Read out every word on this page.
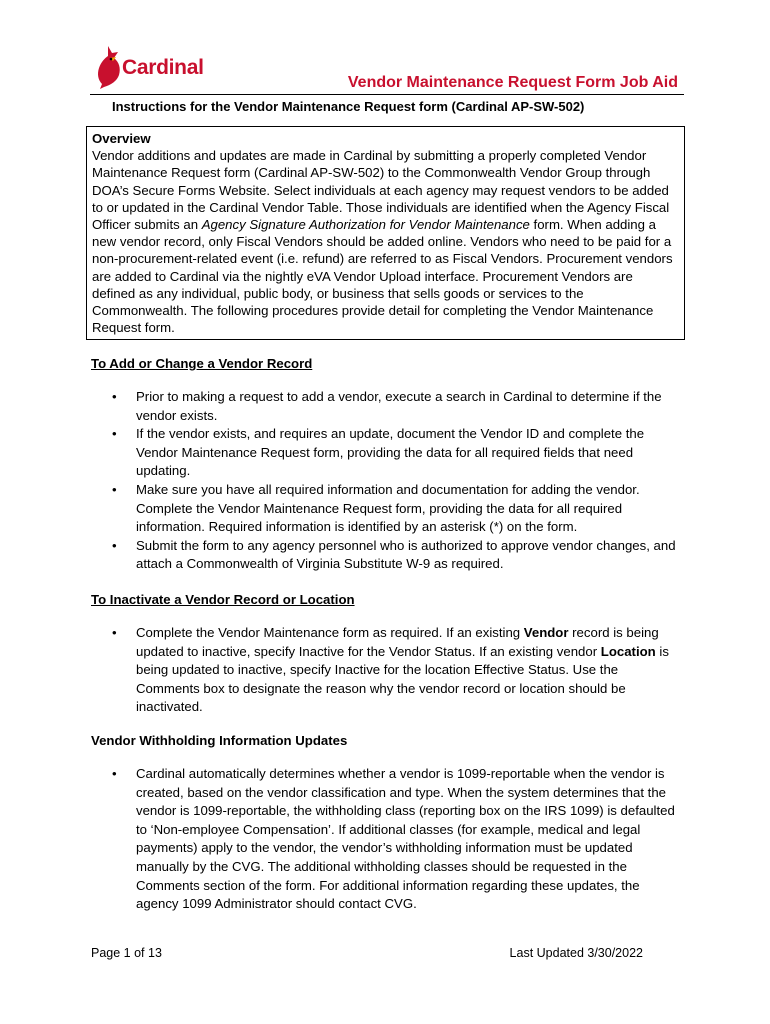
Cardinal
Vendor Maintenance Request Form Job Aid
Instructions for the Vendor Maintenance Request form (Cardinal AP-SW-502)
Overview
Vendor additions and updates are made in Cardinal by submitting a properly completed Vendor Maintenance Request form (Cardinal AP-SW-502) to the Commonwealth Vendor Group through DOA’s Secure Forms Website. Select individuals at each agency may request vendors to be added to or updated in the Cardinal Vendor Table. Those individuals are identified when the Agency Fiscal Officer submits an Agency Signature Authorization for Vendor Maintenance form. When adding a new vendor record, only Fiscal Vendors should be added online. Vendors who need to be paid for a non-procurement-related event (i.e. refund) are referred to as Fiscal Vendors. Procurement vendors are added to Cardinal via the nightly eVA Vendor Upload interface. Procurement Vendors are defined as any individual, public body, or business that sells goods or services to the Commonwealth. The following procedures provide detail for completing the Vendor Maintenance Request form.
To Add or Change a Vendor Record
• Prior to making a request to add a vendor, execute a search in Cardinal to determine if the vendor exists.
• If the vendor exists, and requires an update, document the Vendor ID and complete the Vendor Maintenance Request form, providing the data for all required fields that need updating.
• Make sure you have all required information and documentation for adding the vendor. Complete the Vendor Maintenance Request form, providing the data for all required information. Required information is identified by an asterisk (*) on the form.
• Submit the form to any agency personnel who is authorized to approve vendor changes, and attach a Commonwealth of Virginia Substitute W-9 as required.
To Inactivate a Vendor Record or Location
• Complete the Vendor Maintenance form as required. If an existing Vendor record is being updated to inactive, specify Inactive for the Vendor Status. If an existing vendor Location is being updated to inactive, specify Inactive for the location Effective Status. Use the Comments box to designate the reason why the vendor record or location should be inactivated.
Vendor Withholding Information Updates
• Cardinal automatically determines whether a vendor is 1099-reportable when the vendor is created, based on the vendor classification and type. When the system determines that the vendor is 1099-reportable, the withholding class (reporting box on the IRS 1099) is defaulted to ‘Non-employee Compensation’. If additional classes (for example, medical and legal payments) apply to the vendor, the vendor’s withholding information must be updated manually by the CVG. The additional withholding classes should be requested in the Comments section of the form. For additional information regarding these updates, the agency 1099 Administrator should contact CVG.
Page 1 of 13	Last Updated 3/30/2022
